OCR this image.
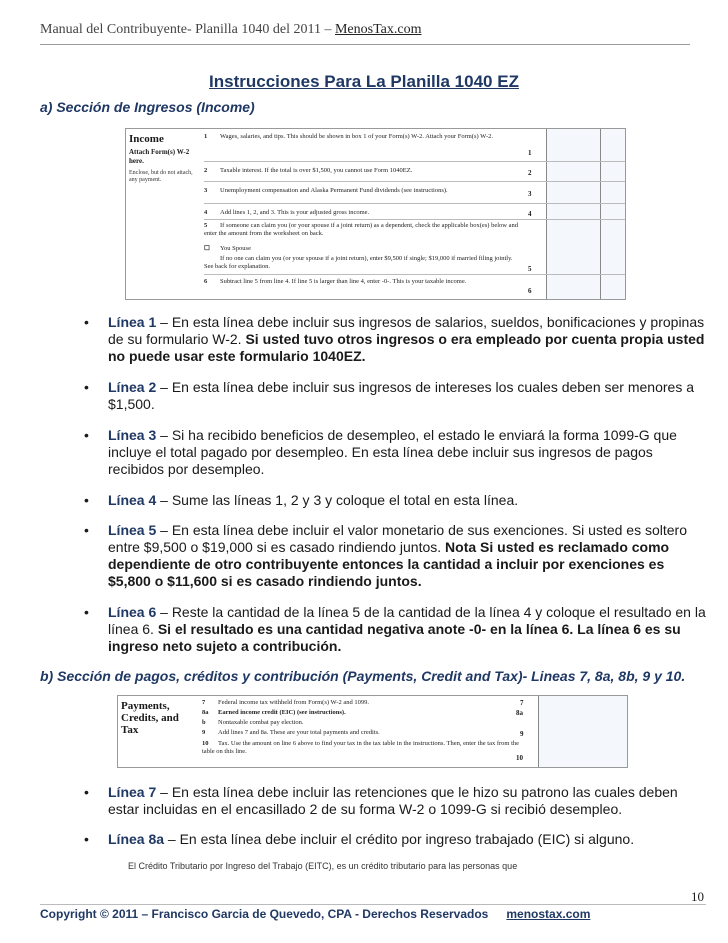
Manual del Contribuyente- Planilla 1040 del 2011 – MenosTax.com
Instrucciones Para La Planilla 1040 EZ
a) Sección de Ingresos (Income)
Income
Attach Form(s) W-2 here.
Enclose, but do not attach, any payment.
1 Wages, salaries, and tips. This should be shown in box 1 of your Form(s) W-2. Attach your Form(s) W-2.
2 Taxable interest. If the total is over $1,500, you cannot use Form 1040EZ.
3 Unemployment compensation and Alaska Permanent Fund dividends (see instructions).
4 Add lines 1, 2, and 3. This is your adjusted gross income.
5 If someone can claim you (or your spouse if a joint return) as a dependent, check the applicable box(es) below and enter the amount from the worksheet on back.
☐ You Spouse
If no one can claim you (or your spouse if a joint return), enter $9,500 if single; $19,000 if married filing jointly. See back for explanation.
6 Subtract line 5 from line 4. If line 5 is larger than line 4, enter -0-. This is your taxable income.
1
2
3
4
5
6
• Línea 1 – En esta línea debe incluir sus ingresos de salarios, sueldos, bonificaciones y propinas de su formulario W-2. Si usted tuvo otros ingresos o era empleado por cuenta propia usted no puede usar este formulario 1040EZ.
• Línea 2 – En esta línea debe incluir sus ingresos de intereses los cuales deben ser menores a $1,500.
• Línea 3 – Si ha recibido beneficios de desempleo, el estado le enviará la forma 1099-G que incluye el total pagado por desempleo. En esta línea debe incluir sus ingresos de pagos recibidos por desempleo.
• Línea 4 – Sume las líneas 1, 2 y 3 y coloque el total en esta línea.
• Línea 5 – En esta línea debe incluir el valor monetario de sus exenciones. Si usted es soltero entre $9,500 o $19,000 si es casado rindiendo juntos. Nota Si usted es reclamado como dependiente de otro contribuyente entonces la cantidad a incluir por exenciones es $5,800 o $11,600 si es casado rindiendo juntos.
• Línea 6 – Reste la cantidad de la línea 5 de la cantidad de la línea 4 y coloque el resultado en la línea 6. Si el resultado es una cantidad negativa anote -0- en la línea 6. La línea 6 es su ingreso neto sujeto a contribución.
b) Sección de pagos, créditos y contribución (Payments, Credit and Tax)- Lineas 7, 8a, 8b, 9 y 10.
Payments, Credits, and Tax
7 Federal income tax withheld from Form(s) W-2 and 1099.
8a Earned income credit (EIC) (see instructions).
b Nontaxable combat pay election.
9 Add lines 7 and 8a. These are your total payments and credits.
10 Tax. Use the amount on line 6 above to find your tax in the tax table in the instructions. Then, enter the tax from the table on this line.
7
8a
9
10
• Línea 7 – En esta línea debe incluir las retenciones que le hizo su patrono las cuales deben estar incluidas en el encasillado 2 de su forma W-2 o 1099-G si recibió desempleo.
• Línea 8a – En esta línea debe incluir el crédito por ingreso trabajado (EIC) si alguno.
El Crédito Tributario por Ingreso del Trabajo (EITC), es un crédito tributario para las personas que
10
Copyright © 2011 – Francisco Garcia de Quevedo, CPA - Derechos Reservados menostax.com
